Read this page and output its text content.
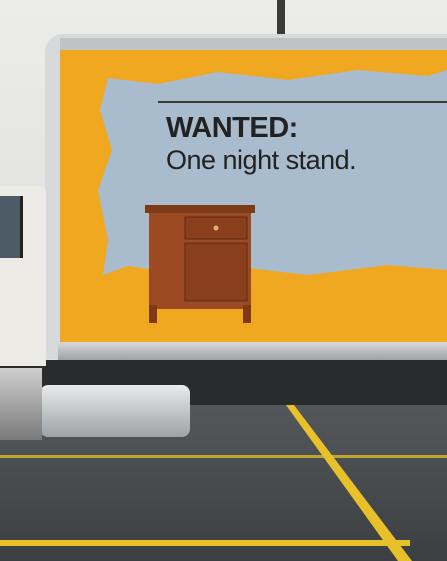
WANTED:
One night stand.
